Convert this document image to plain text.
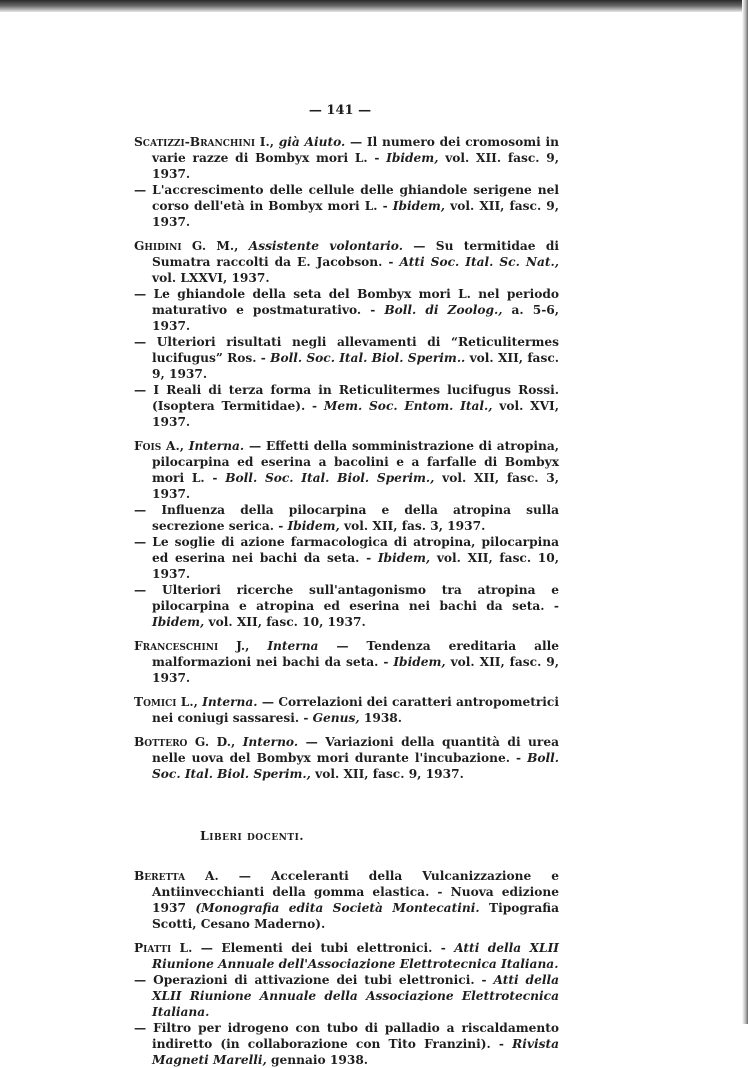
— 141 —

Scatizzi-Branchini I., già Aiuto. — Il numero dei cromosomi in varie razze di Bombyx mori L. - Ibidem, vol. XII. fasc. 9, 1937.

— L'accrescimento delle cellule delle ghiandole serigene nel corso dell'età in Bombyx mori L. - Ibidem, vol. XII, fasc. 9, 1937.

Ghidini G. M., Assistente volontario. — Su termitidae di Sumatra raccolti da E. Jacobson. - Atti Soc. Ital. Sc. Nat., vol. LXXVI, 1937.

— Le ghiandole della seta del Bombyx mori L. nel periodo maturativo e postmaturativo. - Boll. di Zoolog., a. 5-6, 1937.

— Ulteriori risultati negli allevamenti di “Reticulitermes lucifugus” Ros. - Boll. Soc. Ital. Biol. Sperim.. vol. XII, fasc. 9, 1937.

— I Reali di terza forma in Reticulitermes lucifugus Rossi. (Isoptera Termitidae). - Mem. Soc. Entom. Ital., vol. XVI, 1937.

Fois A., Interna. — Effetti della somministrazione di atropina, pilocarpina ed eserina a bacolini e a farfalle di Bombyx mori L. - Boll. Soc. Ital. Biol. Sperim., vol. XII, fasc. 3, 1937.

— Influenza della pilocarpina e della atropina sulla secrezione serica. - Ibidem, vol. XII, fas. 3, 1937.

— Le soglie di azione farmacologica di atropina, pilocarpina ed eserina nei bachi da seta. - Ibidem, vol. XII, fasc. 10, 1937.

— Ulteriori ricerche sull'antagonismo tra atropina e pilocarpina e atropina ed eserina nei bachi da seta. - Ibidem, vol. XII, fasc. 10, 1937.

Franceschini J., Interna — Tendenza ereditaria alle malformazioni nei bachi da seta. - Ibidem, vol. XII, fasc. 9, 1937.

Tomici L., Interna. — Correlazioni dei caratteri antropometrici nei coniugi sassaresi. - Genus, 1938.

Bottero G. D., Interno. — Variazioni della quantità di urea nelle uova del Bombyx mori durante l'incubazione. - Boll. Soc. Ital. Biol. Sperim., vol. XII, fasc. 9, 1937.

Liberi docenti.

Beretta A. — Acceleranti della Vulcanizzazione e Antiinvecchianti della gomma elastica. - Nuova edizione 1937 (Monografia edita Società Montecatini. Tipografia Scotti, Cesano Maderno).

Piatti L. — Elementi dei tubi elettronici. - Atti della XLII Riunione Annuale dell'Associazione Elettrotecnica Italiana.

— Operazioni di attivazione dei tubi elettronici. - Atti della XLII Riunione Annuale della Associazione Elettrotecnica Italiana.

— Filtro per idrogeno con tubo di palladio a riscaldamento indiretto (in collaborazione con Tito Franzini). - Rivista Magneti Marelli, gennaio 1938.
